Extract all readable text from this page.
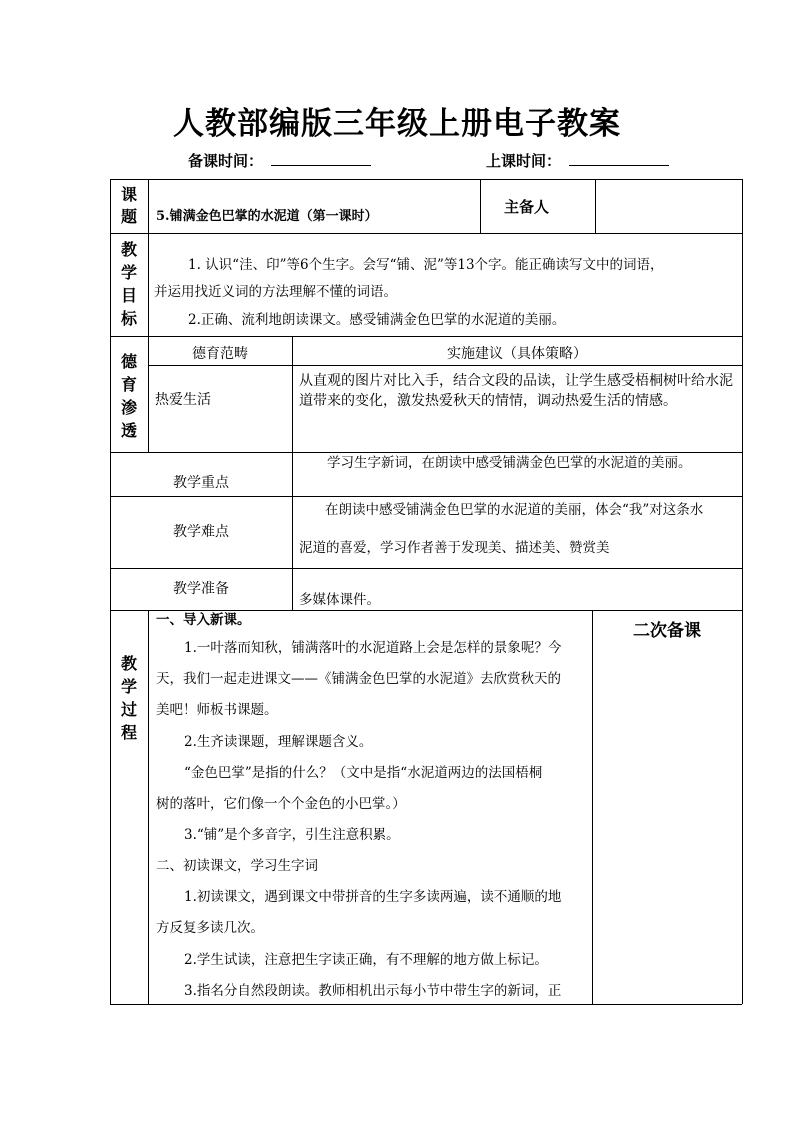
人教部编版三年级上册电子教案
备课时间：	上课时间：
课题 5.铺满金色巴掌的水泥道（第一课时）
主备人
教学目标
1. 认识“洼、印”等6个生字。会写“铺、泥”等13个字。能正确读写文中的词语，
并运用找近义词的方法理解不懂的词语。
2.正确、流利地朗读课文。感受铺满金色巴掌的水泥道的美丽。
德育渗透
德育范畴	实施建议（具体策略）
热爱生活
从直观的图片对比入手，结合文段的品读，让学生感受梧桐树叶给水泥道带来的变化，激发热爱秋天的情情，调动热爱生活的情感。
教学重点
学习生字新词，在朗读中感受铺满金色巴掌的水泥道的美丽。
教学难点
在朗读中感受铺满金色巴掌的水泥道的美丽，体会“我”对这条水
泥道的喜爱，学习作者善于发现美、描述美、赞赏美
教学准备
多媒体课件。
教学过程
二次备课
一、导入新课。
1.一叶落而知秋，铺满落叶的水泥道路上会是怎样的景象呢？今
天，我们一起走进课文——《铺满金色巴掌的水泥道》去欣赏秋天的
美吧！师板书课题。
2.生齐读课题，理解课题含义。
“金色巴掌”是指的什么？（文中是指“水泥道两边的法国梧桐
树的落叶，它们像一个个金色的小巴掌。）
3.“铺”是个多音字，引生注意积累。
二、初读课文，学习生字词
1.初读课文，遇到课文中带拼音的生字多读两遍，读不通顺的地
方反复多读几次。
2.学生试读，注意把生字读正确，有不理解的地方做上标记。
3.指名分自然段朗读。教师相机出示每小节中带生字的新词，正
